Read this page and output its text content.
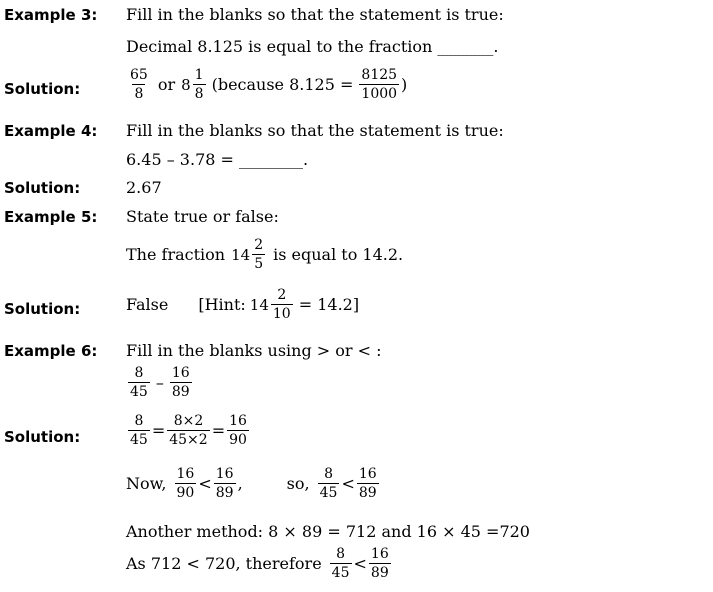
Example 3: Fill in the blanks so that the statement is true:
Decimal 8.125 is equal to the fraction _______.
Solution:	$\frac{65}{8}$ or $8 \frac{1}{8}$ (because $8.125 = \frac{8125}{1000}$ )
Example 4: Fill in the blanks so that the statement is true:
6.45 – 3.78 = ________.
Solution:	2.67
Example 5: State true or false:
The fraction $14 \frac{2}{5}$ is equal to 14.2.
Solution:	False [Hint: $14 \frac{2}{10} = 14.2$]
Example 6: Fill in the blanks using > or < :
$\frac{8}{45} - \frac{16}{89}$
Solution:	$\frac{8}{45} = \frac{8\times 2}{45\times 2} = \frac{16}{90}$
Now, $\frac{16}{90} < \frac{16}{89}$ ,	so, $\frac{8}{45} < \frac{16}{89}$
Another method: 8 × 89 = 712 and 16 × 45 =720
As 712 < 720, therefore $\frac{8}{45} < \frac{16}{89}$
